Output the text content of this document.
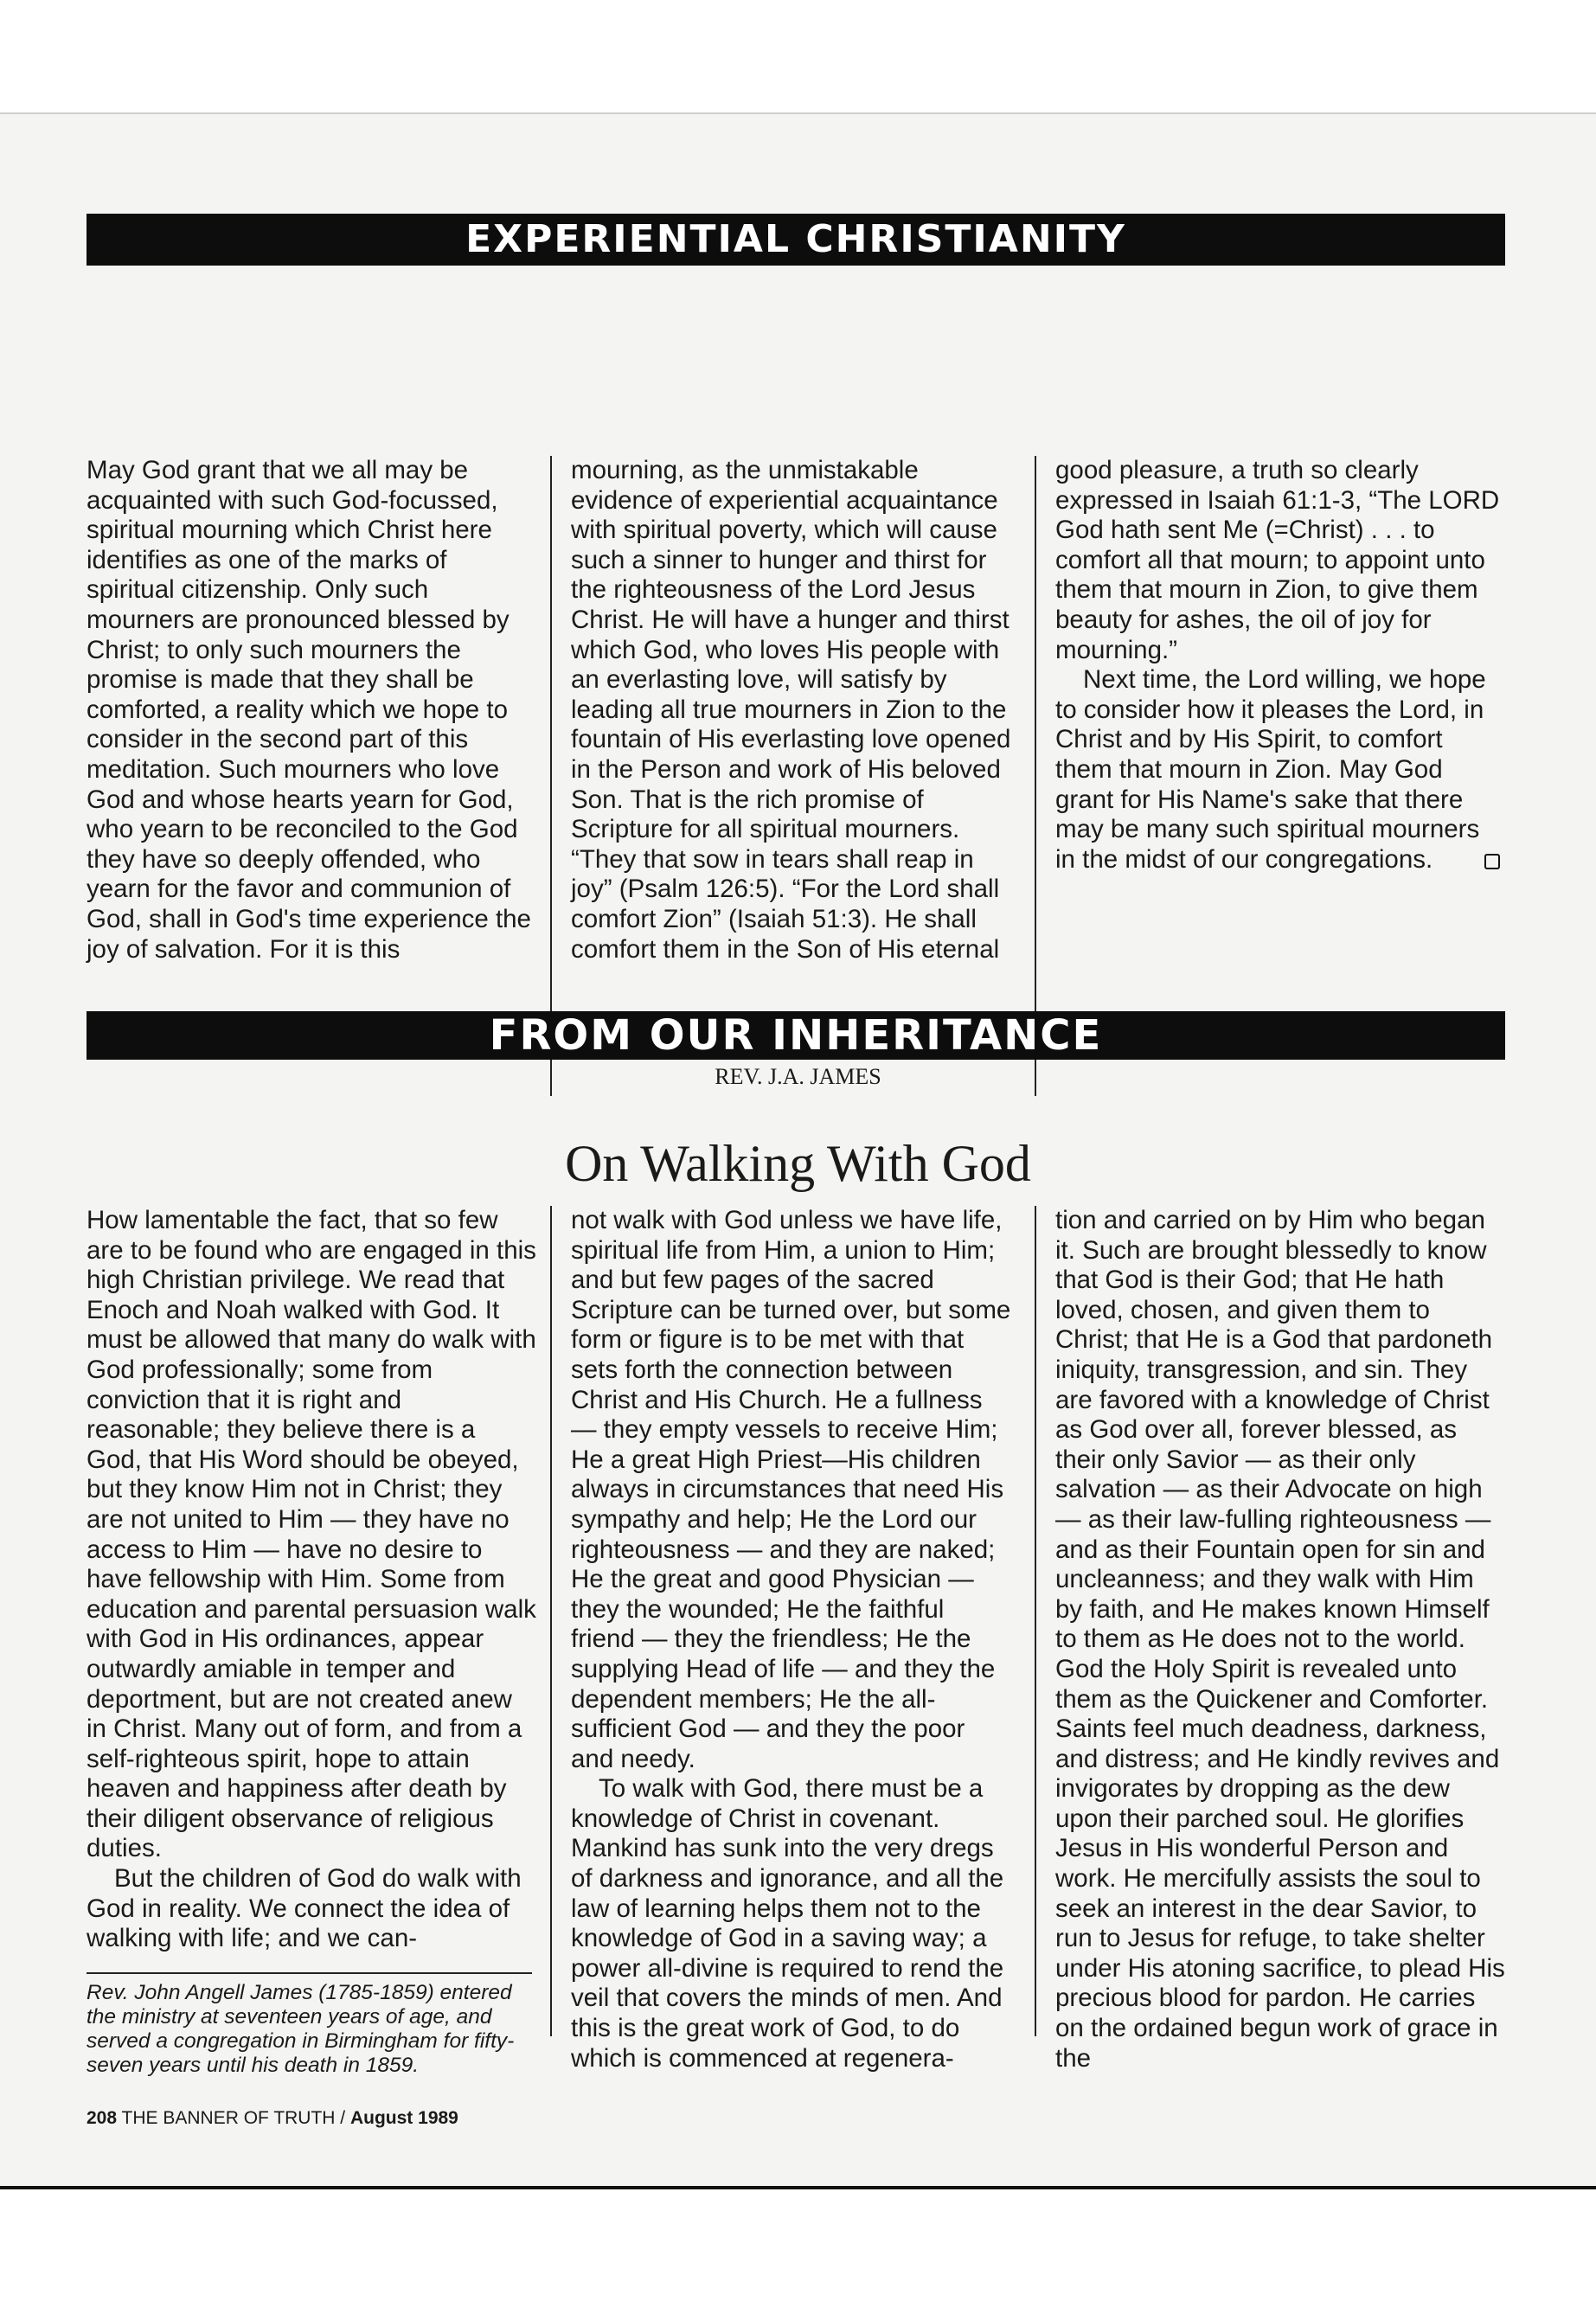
EXPERIENTIAL CHRISTIANITY

May God grant that we all may be acquainted with such God-focussed, spiritual mourning which Christ here identifies as one of the marks of spiritual citizenship. Only such mourners are pronounced blessed by Christ; to only such mourners the promise is made that they shall be comforted, a reality which we hope to consider in the second part of this meditation. Such mourners who love God and whose hearts yearn for God, who yearn to be reconciled to the God they have so deeply offended, who yearn for the favor and communion of God, shall in God's time experience the joy of salvation. For it is this

mourning, as the unmistakable evidence of experiential acquaintance with spiritual poverty, which will cause such a sinner to hunger and thirst for the righteousness of the Lord Jesus Christ. He will have a hunger and thirst which God, who loves His people with an everlasting love, will satisfy by leading all true mourners in Zion to the fountain of His everlasting love opened in the Person and work of His beloved Son. That is the rich promise of Scripture for all spiritual mourners. “They that sow in tears shall reap in joy” (Psalm 126:5). “For the Lord shall comfort Zion” (Isaiah 51:3). He shall comfort them in the Son of His eternal

good pleasure, a truth so clearly expressed in Isaiah 61:1-3, “The LORD God hath sent Me (=Christ) . . . to comfort all that mourn; to appoint unto them that mourn in Zion, to give them beauty for ashes, the oil of joy for mourning.”

Next time, the Lord willing, we hope to consider how it pleases the Lord, in Christ and by His Spirit, to comfort them that mourn in Zion. May God grant for His Name's sake that there may be many such spiritual mourners in the midst of our congregations.

FROM OUR INHERITANCE
REV. J.A. JAMES
On Walking With God

How lamentable the fact, that so few are to be found who are engaged in this high Christian privilege. We read that Enoch and Noah walked with God. It must be allowed that many do walk with God professionally; some from conviction that it is right and reasonable; they believe there is a God, that His Word should be obeyed, but they know Him not in Christ; they are not united to Him — they have no access to Him — have no desire to have fellowship with Him. Some from education and parental persuasion walk with God in His ordinances, appear outwardly amiable in temper and deportment, but are not created anew in Christ. Many out of form, and from a self-righteous spirit, hope to attain heaven and happiness after death by their diligent observance of religious duties.

But the children of God do walk with God in reality. We connect the idea of walking with life; and we can-

Rev. John Angell James (1785-1859) entered the ministry at seventeen years of age, and served a congregation in Birmingham for fifty-seven years until his death in 1859.

not walk with God unless we have life, spiritual life from Him, a union to Him; and but few pages of the sacred Scripture can be turned over, but some form or figure is to be met with that sets forth the connection between Christ and His Church. He a fullness — they empty vessels to receive Him; He a great High Priest—His children always in circumstances that need His sympathy and help; He the Lord our righteousness — and they are naked; He the great and good Physician — they the wounded; He the faithful friend — they the friendless; He the supplying Head of life — and they the dependent members; He the all-sufficient God — and they the poor and needy.

To walk with God, there must be a knowledge of Christ in covenant. Mankind has sunk into the very dregs of darkness and ignorance, and all the law of learning helps them not to the knowledge of God in a saving way; a power all-divine is required to rend the veil that covers the minds of men. And this is the great work of God, to do which is commenced at regenera-

tion and carried on by Him who began it. Such are brought blessedly to know that God is their God; that He hath loved, chosen, and given them to Christ; that He is a God that pardoneth iniquity, transgression, and sin. They are favored with a knowledge of Christ as God over all, forever blessed, as their only Savior — as their only salvation — as their Advocate on high — as their law-fulling righteousness — and as their Fountain open for sin and uncleanness; and they walk with Him by faith, and He makes known Himself to them as He does not to the world. God the Holy Spirit is revealed unto them as the Quickener and Comforter. Saints feel much deadness, darkness, and distress; and He kindly revives and invigorates by dropping as the dew upon their parched soul. He glorifies Jesus in His wonderful Person and work. He mercifully assists the soul to seek an interest in the dear Savior, to run to Jesus for refuge, to take shelter under His atoning sacrifice, to plead His precious blood for pardon. He carries on the ordained begun work of grace in the

208 THE BANNER OF TRUTH / August 1989
